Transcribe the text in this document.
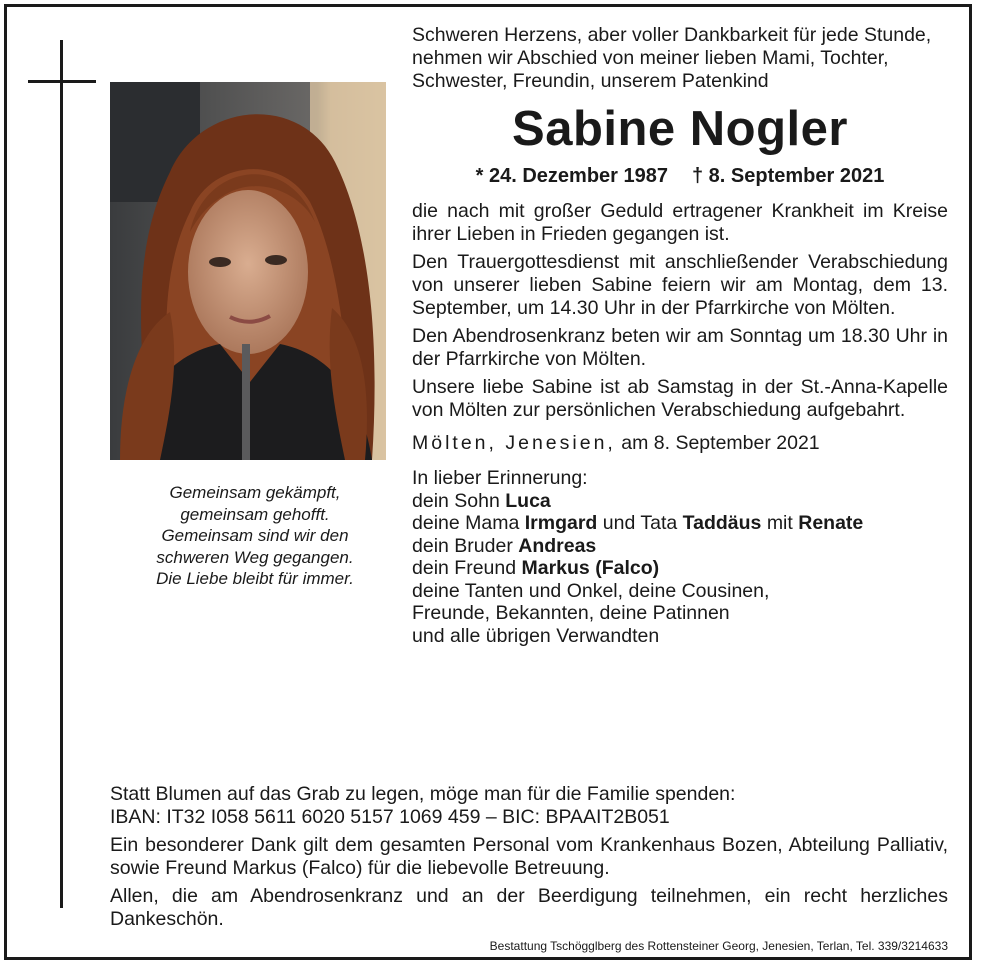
Gemeinsam gekämpft,
gemeinsam gehofft.
Gemeinsam sind wir den
schweren Weg gegangen.
Die Liebe bleibt für immer.

Schweren Herzens, aber voller Dankbarkeit für jede Stunde, nehmen wir Abschied von meiner lieben Mami, Tochter, Schwester, Freundin, unserem Patenkind

Sabine Nogler
* 24. Dezember 1987 † 8. September 2021

die nach mit großer Geduld ertragener Krankheit im Kreise ihrer Lieben in Frieden gegangen ist.

Den Trauergottesdienst mit anschließender Verabschiedung von unserer lieben Sabine feiern wir am Montag, dem 13. September, um 14.30 Uhr in der Pfarrkirche von Mölten.

Den Abendrosenkranz beten wir am Sonntag um 18.30 Uhr in der Pfarrkirche von Mölten.

Unsere liebe Sabine ist ab Samstag in der St.-Anna-Kapelle von Mölten zur persönlichen Verabschiedung aufgebahrt.

Mölten, Jenesien, am 8. September 2021
In lieber Erinnerung:
dein Sohn Luca
deine Mama Irmgard und Tata Taddäus mit Renate
dein Bruder Andreas
dein Freund Markus (Falco)
deine Tanten und Onkel, deine Cousinen,
Freunde, Bekannten, deine Patinnen
und alle übrigen Verwandten
Statt Blumen auf das Grab zu legen, möge man für die Familie spenden:
IBAN: IT32 I058 5611 6020 5157 1069 459 – BIC: BPAAIT2B051

Ein besonderer Dank gilt dem gesamten Personal vom Krankenhaus Bozen, Abteilung Palliativ, sowie Freund Markus (Falco) für die liebevolle Betreuung.

Allen, die am Abendrosenkranz und an der Beerdigung teilnehmen, ein recht herzliches Dankeschön.

Bestattung Tschögglberg des Rottensteiner Georg, Jenesien, Terlan, Tel. 339/3214633
